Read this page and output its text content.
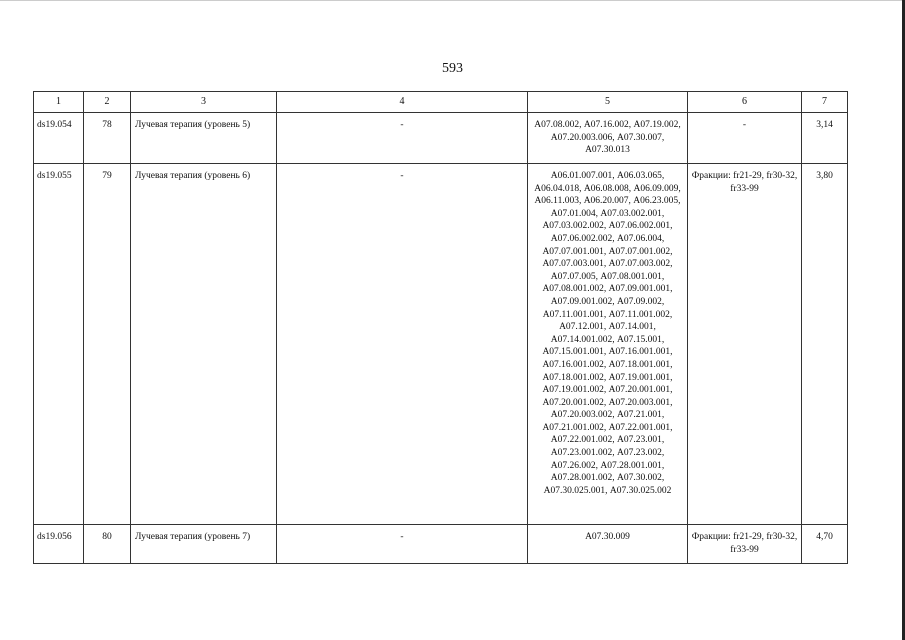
593
1	2	3	4	5	6	7
ds19.054	78	Лучевая терапия (уровень 5)	-	А07.08.002, А07.16.002, А07.19.002, А07.20.003.006, А07.30.007, А07.30.013	-	3,14
ds19.055	79	Лучевая терапия (уровень 6)	-	А06.01.007.001, А06.03.065, А06.04.018, А06.08.008, А06.09.009, А06.11.003, А06.20.007, А06.23.005, А07.01.004, А07.03.002.001, А07.03.002.002, А07.06.002.001, А07.06.002.002, А07.06.004, А07.07.001.001, А07.07.001.002, А07.07.003.001, А07.07.003.002, А07.07.005, А07.08.001.001, А07.08.001.002, А07.09.001.001, А07.09.001.002, А07.09.002, А07.11.001.001, А07.11.001.002, А07.12.001, А07.14.001, А07.14.001.002, А07.15.001, А07.15.001.001, А07.16.001.001, А07.16.001.002, А07.18.001.001, А07.18.001.002, А07.19.001.001, А07.19.001.002, А07.20.001.001, А07.20.001.002, А07.20.003.001, А07.20.003.002, А07.21.001, А07.21.001.002, А07.22.001.001, А07.22.001.002, А07.23.001, А07.23.001.002, А07.23.002, А07.26.002, А07.28.001.001, А07.28.001.002, А07.30.002, А07.30.025.001, А07.30.025.002	Фракции: fr21-29, fr30-32, fr33-99	3,80
ds19.056	80	Лучевая терапия (уровень 7)	-	А07.30.009	Фракции: fr21-29, fr30-32, fr33-99	4,70
